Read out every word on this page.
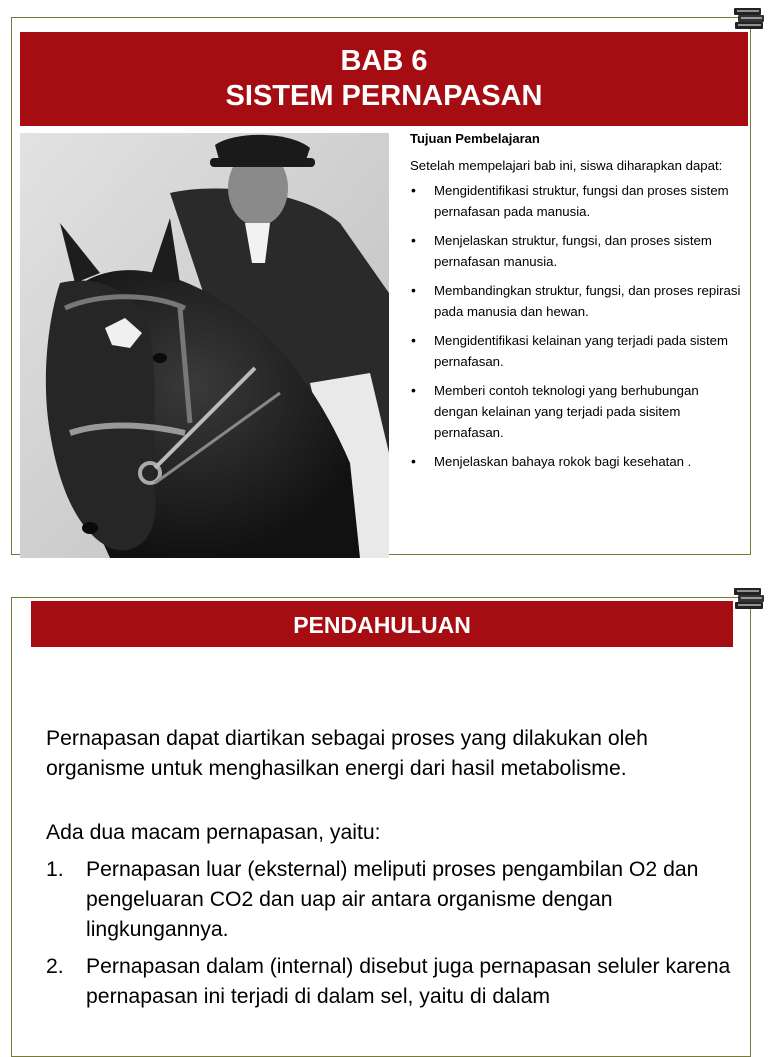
BAB 6
SISTEM PERNAPASAN

Tujuan Pembelajaran

Setelah mempelajari bab ini, siswa diharapkan dapat:

• Mengidentifikasi struktur, fungsi dan proses sistem pernafasan pada manusia.
• Menjelaskan struktur, fungsi, dan proses sistem pernafasan manusia.
• Membandingkan struktur, fungsi, dan proses repirasi pada manusia dan hewan.
• Mengidentifikasi kelainan yang terjadi pada sistem pernafasan.
• Memberi contoh teknologi yang berhubungan dengan kelainan yang terjadi pada sisitem pernafasan.
• Menjelaskan bahaya rokok bagi kesehatan .
PENDAHULUAN

Pernapasan dapat diartikan sebagai proses yang dilakukan oleh organisme untuk menghasilkan energi dari hasil metabolisme.

Ada dua macam pernapasan, yaitu:

1. Pernapasan luar (eksternal) meliputi proses pengambilan O2 dan pengeluaran CO2 dan uap air antara organisme dengan lingkungannya.
2. Pernapasan dalam (internal) disebut juga pernapasan seluler karena pernapasan ini terjadi di dalam sel, yaitu di dalam
